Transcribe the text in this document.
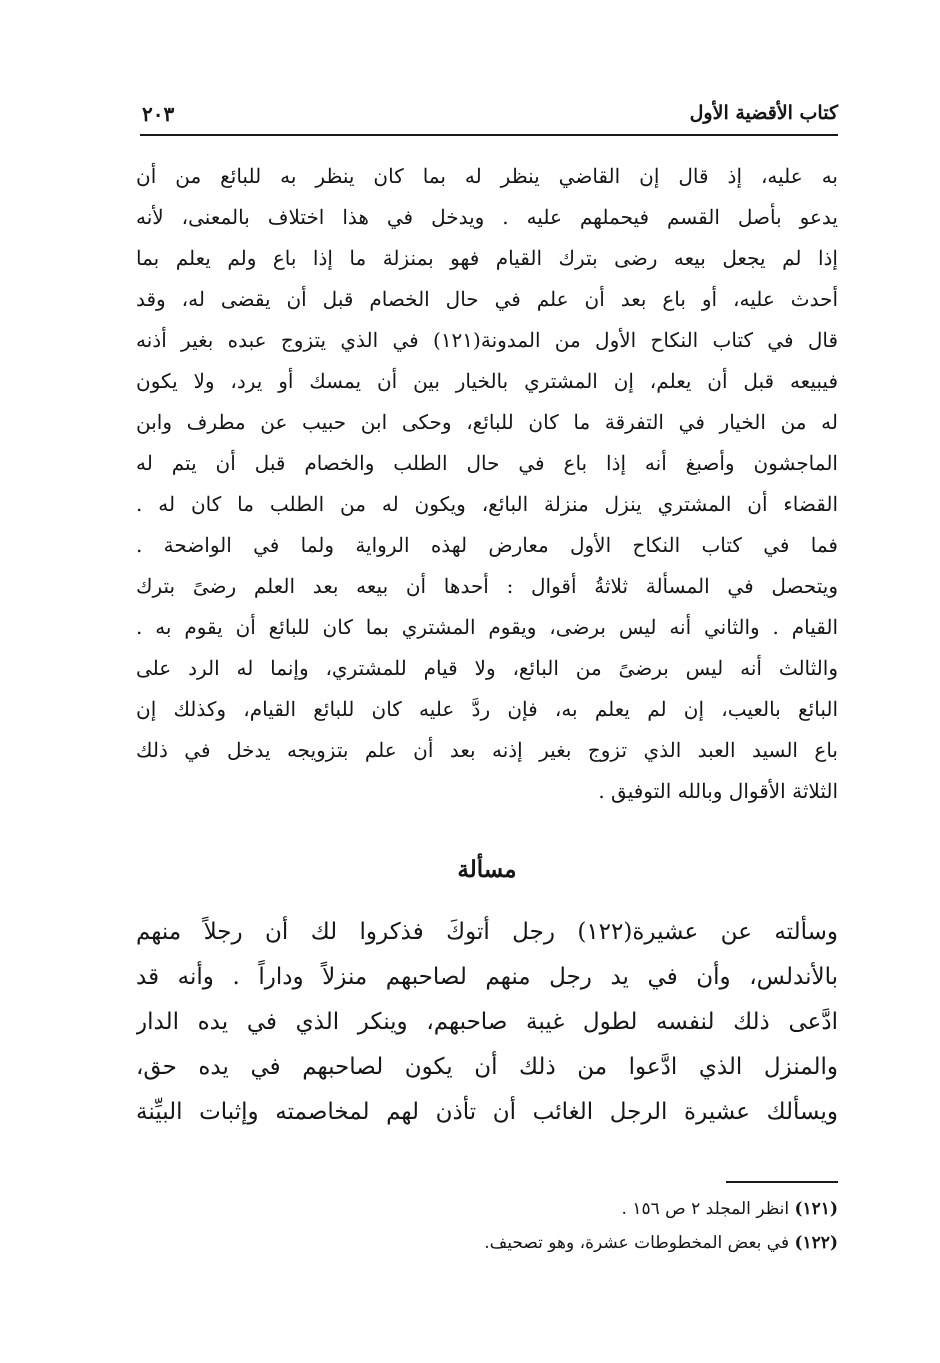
كتاب الأقضية الأول
٢٠٣
به عليه، إذ قال إن القاضي ينظر له بما كان ينظر به للبائع من أن
يدعو بأصل القسم فيحملهم عليه . ويدخل في هذا اختلاف بالمعنى، لأنه
إذا لم يجعل بيعه رضى بترك القيام فهو بمنزلة ما إذا باع ولم يعلم بما
أحدث عليه، أو باع بعد أن علم في حال الخصام قبل أن يقضى له، وقد
قال في كتاب النكاح الأول من المدونة(١٢١) في الذي يتزوج عبده بغير أذنه
فيبيعه قبل أن يعلم، إن المشتري بالخيار بين أن يمسك أو يرد، ولا يكون
له من الخيار في التفرقة ما كان للبائع، وحكى ابن حبيب عن مطرف وابن
الماجشون وأصبغ أنه إذا باع في حال الطلب والخصام قبل أن يتم له
القضاء أن المشتري ينزل منزلة البائع، ويكون له من الطلب ما كان له .
فما في كتاب النكاح الأول معارض لهذه الرواية ولما في الواضحة .
ويتحصل في المسألة ثلاثةُ أقوال : أحدها أن بيعه بعد العلم رضىً بترك
القيام . والثاني أنه ليس برضى، ويقوم المشتري بما كان للبائع أن يقوم به .
والثالث أنه ليس برضىً من البائع، ولا قيام للمشتري، وإنما له الرد على
البائع بالعيب، إن لم يعلم به، فإن ردَّ عليه كان للبائع القيام، وكذلك إن
باع السيد العبد الذي تزوج بغير إذنه بعد أن علم بتزويجه يدخل في ذلك
الثلاثة الأقوال وبالله التوفيق .
مسألة
وسألته عن عشيرة(١٢٢) رجل أتوكَ فذكروا لك أن رجلاً منهم
بالأندلس، وأن في يد رجل منهم لصاحبهم منزلاً وداراً . وأنه قد
ادَّعى ذلك لنفسه لطول غيبة صاحبهم، وينكر الذي في يده الدار
والمنزل الذي ادَّعوا من ذلك أن يكون لصاحبهم في يده حق،
ويسألك عشيرة الرجل الغائب أن تأذن لهم لمخاصمته وإثبات البيِّنة
(١٢١) انظر المجلد ٢ ص ١٥٦ .
(١٢٢) في بعض المخطوطات عشرة، وهو تصحيف.
